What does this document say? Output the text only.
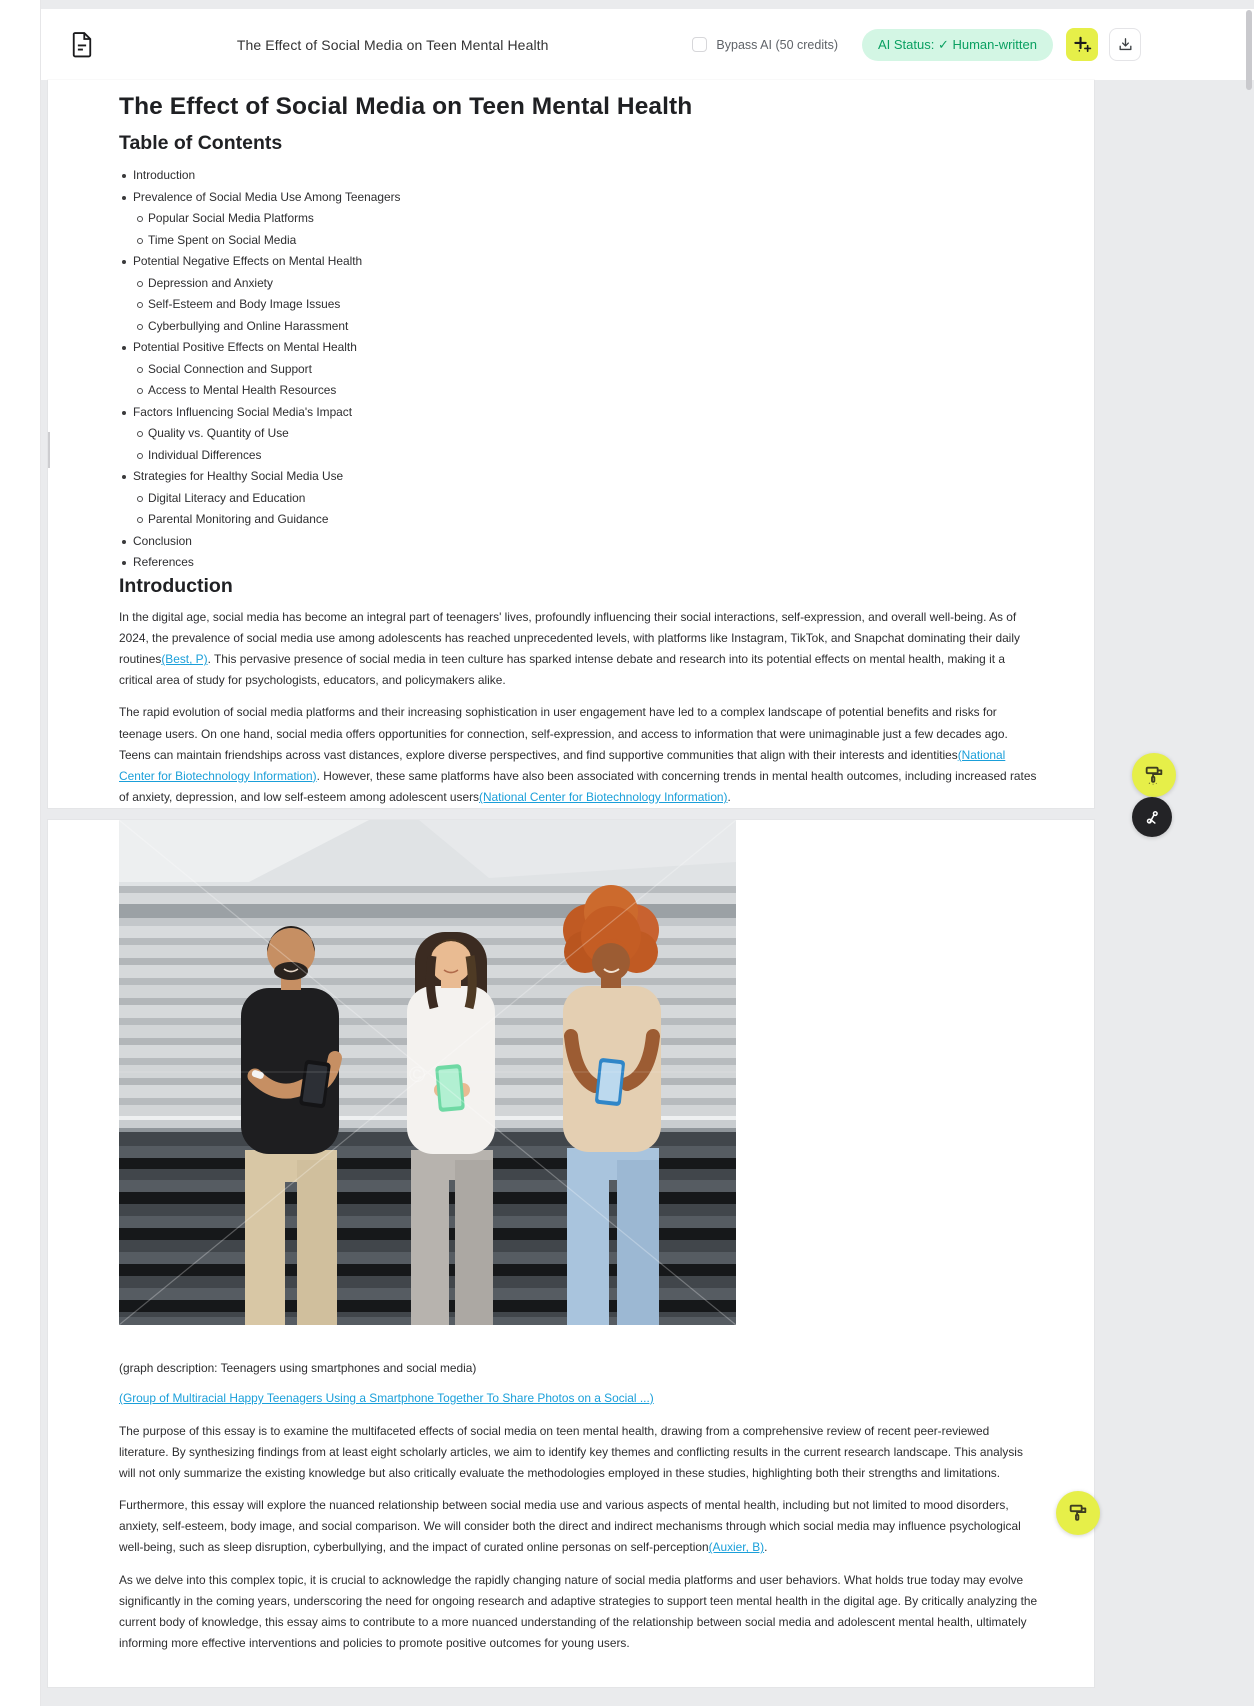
The Effect of Social Media on Teen Mental Health	Bypass AI (50 credits)	AI Status: ✓ Human-written
The Effect of Social Media on Teen Mental Health
Table of Contents
Introduction
Prevalence of Social Media Use Among Teenagers
Popular Social Media Platforms
Time Spent on Social Media
Potential Negative Effects on Mental Health
Depression and Anxiety
Self-Esteem and Body Image Issues
Cyberbullying and Online Harassment
Potential Positive Effects on Mental Health
Social Connection and Support
Access to Mental Health Resources
Factors Influencing Social Media's Impact
Quality vs. Quantity of Use
Individual Differences
Strategies for Healthy Social Media Use
Digital Literacy and Education
Parental Monitoring and Guidance
Conclusion
References
Introduction

In the digital age, social media has become an integral part of teenagers' lives, profoundly influencing their social interactions, self-expression, and overall well-being. As of 2024, the prevalence of social media use among adolescents has reached unprecedented levels, with platforms like Instagram, TikTok, and Snapchat dominating their daily routines(Best, P). This pervasive presence of social media in teen culture has sparked intense debate and research into its potential effects on mental health, making it a critical area of study for psychologists, educators, and policymakers alike.

The rapid evolution of social media platforms and their increasing sophistication in user engagement have led to a complex landscape of potential benefits and risks for teenage users. On one hand, social media offers opportunities for connection, self-expression, and access to information that were unimaginable just a few decades ago. Teens can maintain friendships across vast distances, explore diverse perspectives, and find supportive communities that align with their interests and identities(National Center for Biotechnology Information). However, these same platforms have also been associated with concerning trends in mental health outcomes, including increased rates of anxiety, depression, and low self-esteem among adolescent users(National Center for Biotechnology Information).

©
(graph description: Teenagers using smartphones and social media)
(Group of Multiracial Happy Teenagers Using a Smartphone Together To Share Photos on a Social ...)

The purpose of this essay is to examine the multifaceted effects of social media on teen mental health, drawing from a comprehensive review of recent peer-reviewed literature. By synthesizing findings from at least eight scholarly articles, we aim to identify key themes and conflicting results in the current research landscape. This analysis will not only summarize the existing knowledge but also critically evaluate the methodologies employed in these studies, highlighting both their strengths and limitations.

Furthermore, this essay will explore the nuanced relationship between social media use and various aspects of mental health, including but not limited to mood disorders, anxiety, self-esteem, body image, and social comparison. We will consider both the direct and indirect mechanisms through which social media may influence psychological well-being, such as sleep disruption, cyberbullying, and the impact of curated online personas on self-perception(Auxier, B).

As we delve into this complex topic, it is crucial to acknowledge the rapidly changing nature of social media platforms and user behaviors. What holds true today may evolve significantly in the coming years, underscoring the need for ongoing research and adaptive strategies to support teen mental health in the digital age. By critically analyzing the current body of knowledge, this essay aims to contribute to a more nuanced understanding of the relationship between social media and adolescent mental health, ultimately informing more effective interventions and policies to promote positive outcomes for young users.
